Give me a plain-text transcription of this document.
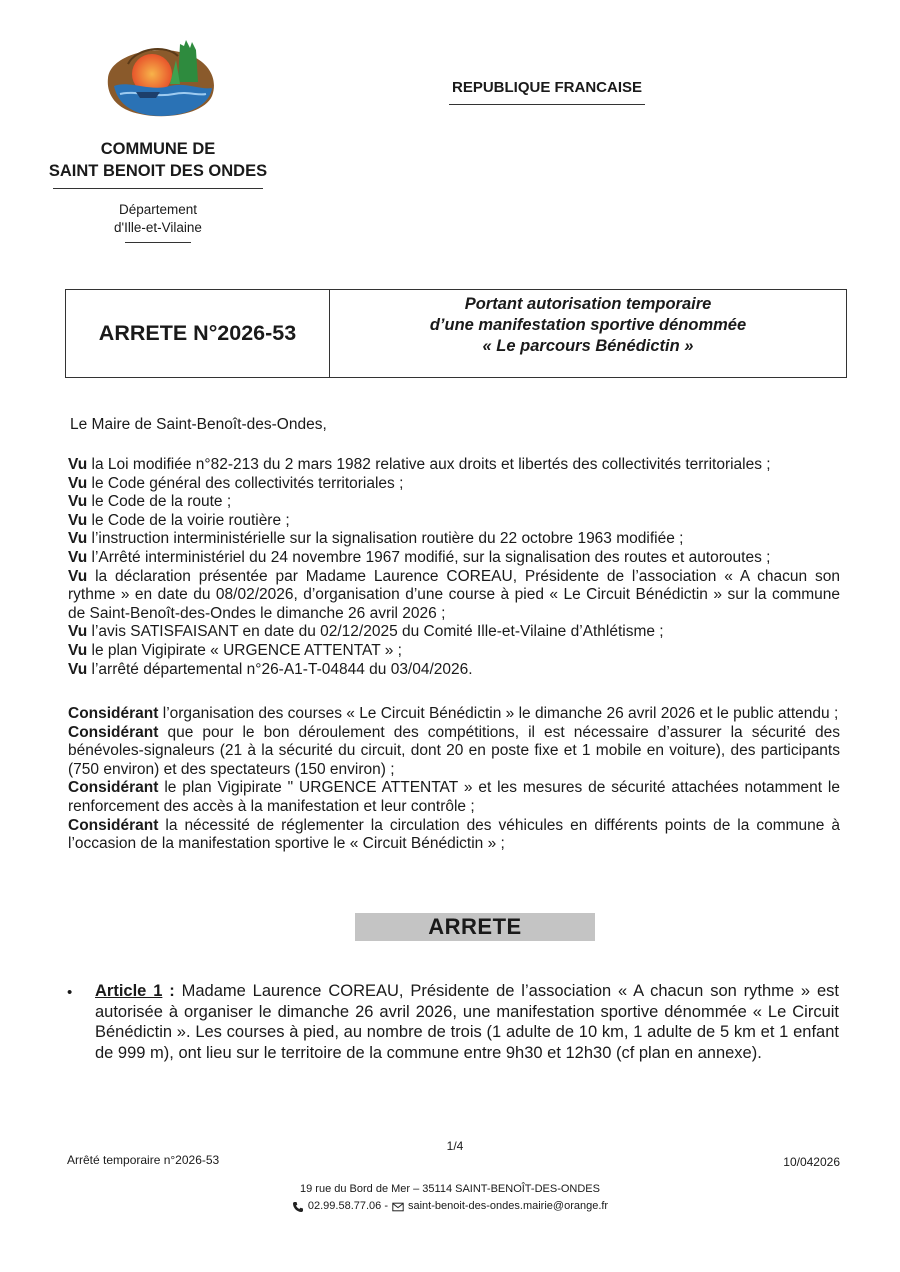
COMMUNE DE
SAINT BENOIT DES ONDES
Département
d'Ille-et-Vilaine
REPUBLIQUE FRANCAISE
ARRETE N°2026-53
Portant autorisation temporaire
d’une manifestation sportive dénommée
« Le parcours Bénédictin »
Le Maire de Saint-Benoît-des-Ondes,

Vu la Loi modifiée n°82-213 du 2 mars 1982 relative aux droits et libertés des collectivités territoriales ;

Vu le Code général des collectivités territoriales ;

Vu le Code de la route ;

Vu le Code de la voirie routière ;

Vu l’instruction interministérielle sur la signalisation routière du 22 octobre 1963 modifiée ;

Vu l’Arrêté interministériel du 24 novembre 1967 modifié, sur la signalisation des routes et autoroutes ;

Vu la déclaration présentée par Madame Laurence COREAU, Présidente de l’association « A chacun son rythme » en date du 08/02/2026, d’organisation d’une course à pied « Le Circuit Bénédictin » sur la commune de Saint-Benoît-des-Ondes le dimanche 26 avril 2026 ;

Vu l’avis SATISFAISANT en date du 02/12/2025 du Comité Ille-et-Vilaine d’Athlétisme ;

Vu le plan Vigipirate « URGENCE ATTENTAT » ;

Vu l’arrêté départemental n°26-A1-T-04844 du 03/04/2026.

Considérant l’organisation des courses « Le Circuit Bénédictin » le dimanche 26 avril 2026 et le public attendu ;

Considérant que pour le bon déroulement des compétitions, il est nécessaire d’assurer la sécurité des bénévoles-signaleurs (21 à la sécurité du circuit, dont 20 en poste fixe et 1 mobile en voiture), des participants (750 environ) et des spectateurs (150 environ) ;

Considérant le plan Vigipirate " URGENCE ATTENTAT » et les mesures de sécurité attachées notamment le renforcement des accès à la manifestation et leur contrôle ;

Considérant la nécessité de réglementer la circulation des véhicules en différents points de la commune à l’occasion de la manifestation sportive le « Circuit Bénédictin » ;

ARRETE
• Article 1 : Madame Laurence COREAU, Présidente de l’association « A chacun son rythme » est autorisée à organiser le dimanche 26 avril 2026, une manifestation sportive dénommée « Le Circuit Bénédictin ». Les courses à pied, au nombre de trois (1 adulte de 10 km, 1 adulte de 5 km et 1 enfant de 999 m), ont lieu sur le territoire de la commune entre 9h30 et 12h30 (cf plan en annexe).
1/4
Arrêté temporaire n°2026-53	10/042026
19 rue du Bord de Mer – 35114 SAINT-BENOÎT-DES-ONDES
02.99.58.77.06 - saint-benoit-des-ondes.mairie@orange.fr
